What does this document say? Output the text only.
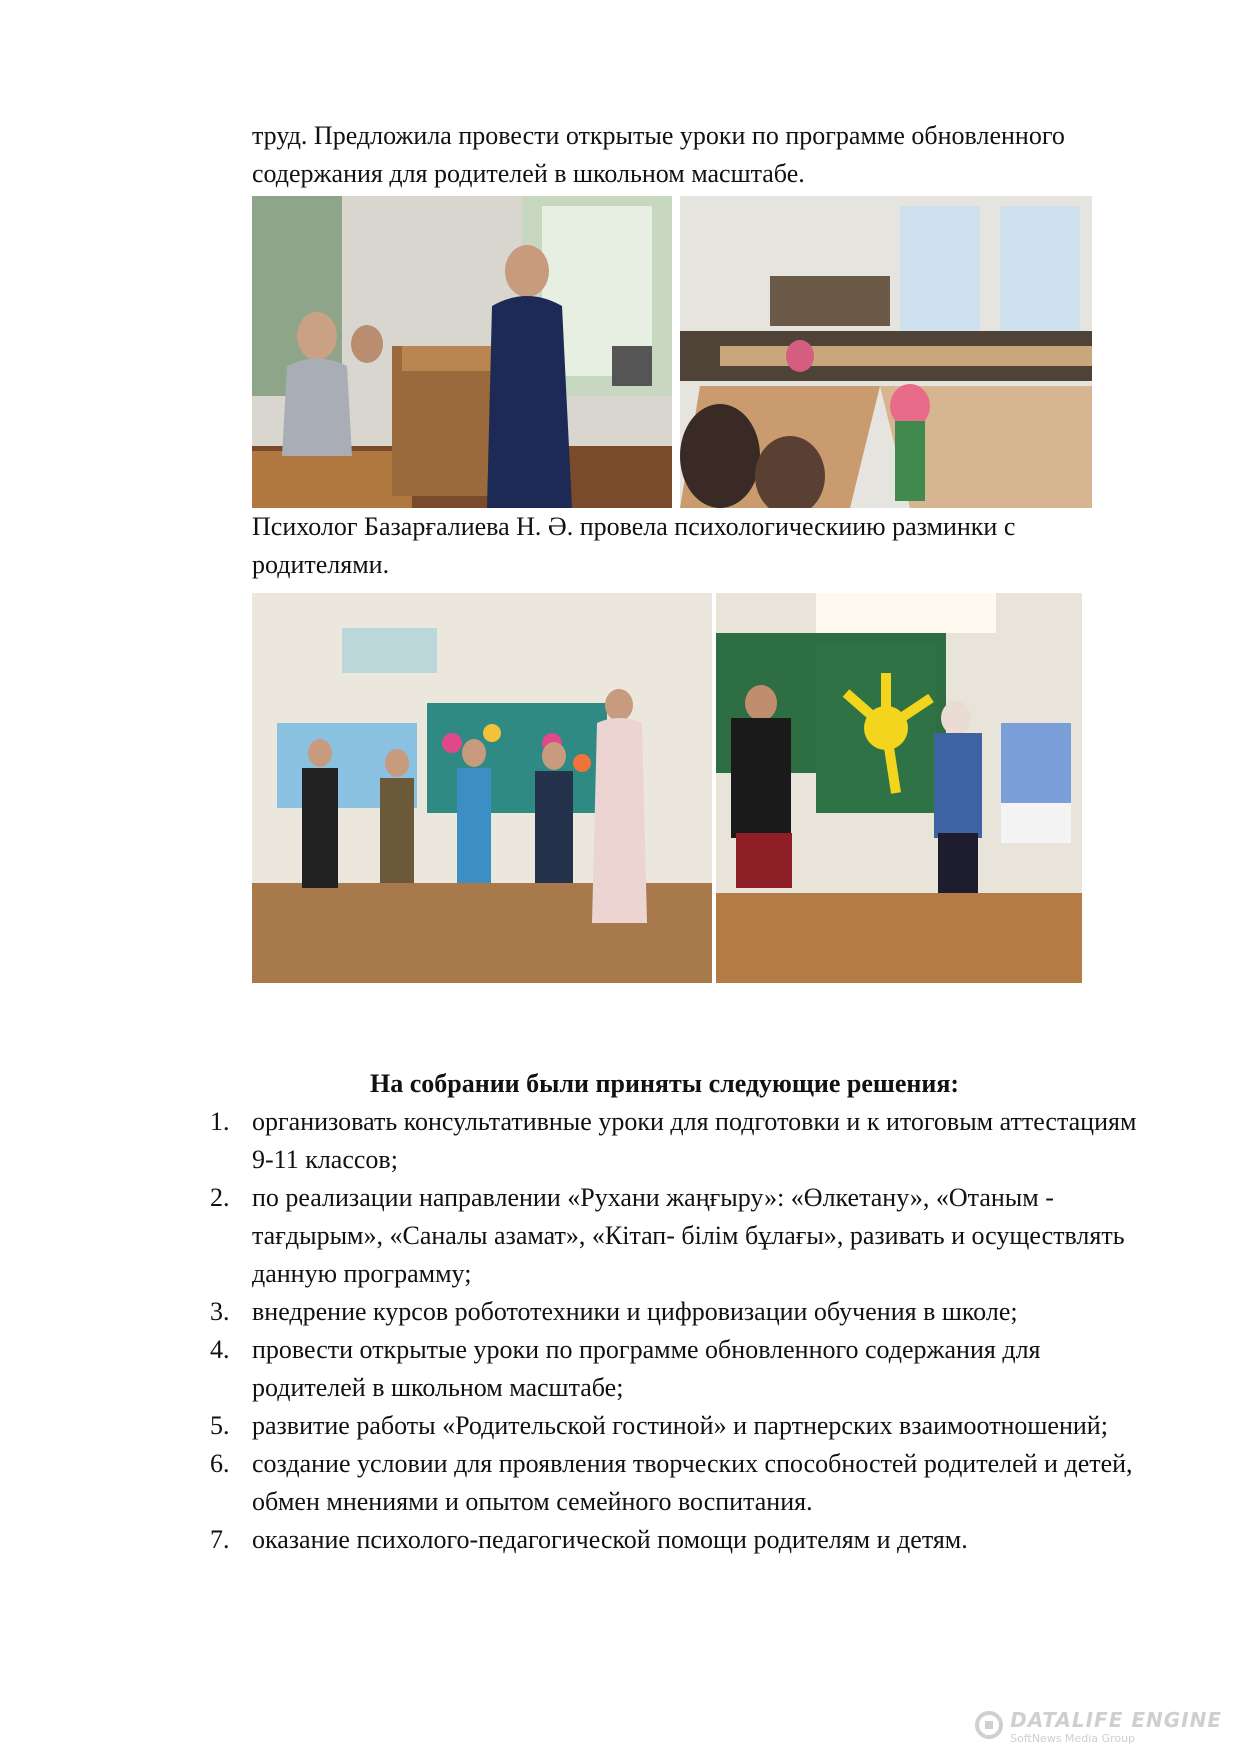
труд. Предложила провести открытые уроки по программе обновленного содержания для родителей в школьном масштабе.

Психолог Базарғалиева Н. Ә. провела психологическиию разминки с родителями.

На собрании были приняты следующие решения:

1. организовать консультативные уроки для подготовки и к итоговым аттестациям 9-11 классов;
2. по реализации направлении «Рухани жаңғыру»: «Өлкетану», «Отаным - тағдырым», «Саналы азамат», «Кітап- білім бұлағы», разивать и осуществлять данную программу;
3. внедрение курсов робототехники и цифровизации обучения в школе;
4. провести открытые уроки по программе обновленного содержания для родителей в школьном масштабе;
5. развитие работы «Родительской гостиной» и партнерских взаимоотношений;
6. создание условии для проявления творческих способностей родителей и детей, обмен мнениями и опытом семейного воспитания.
7. оказание психолого-педагогической помощи родителям и детям.
DATALIFE ENGINE
SoftNews Media Group
